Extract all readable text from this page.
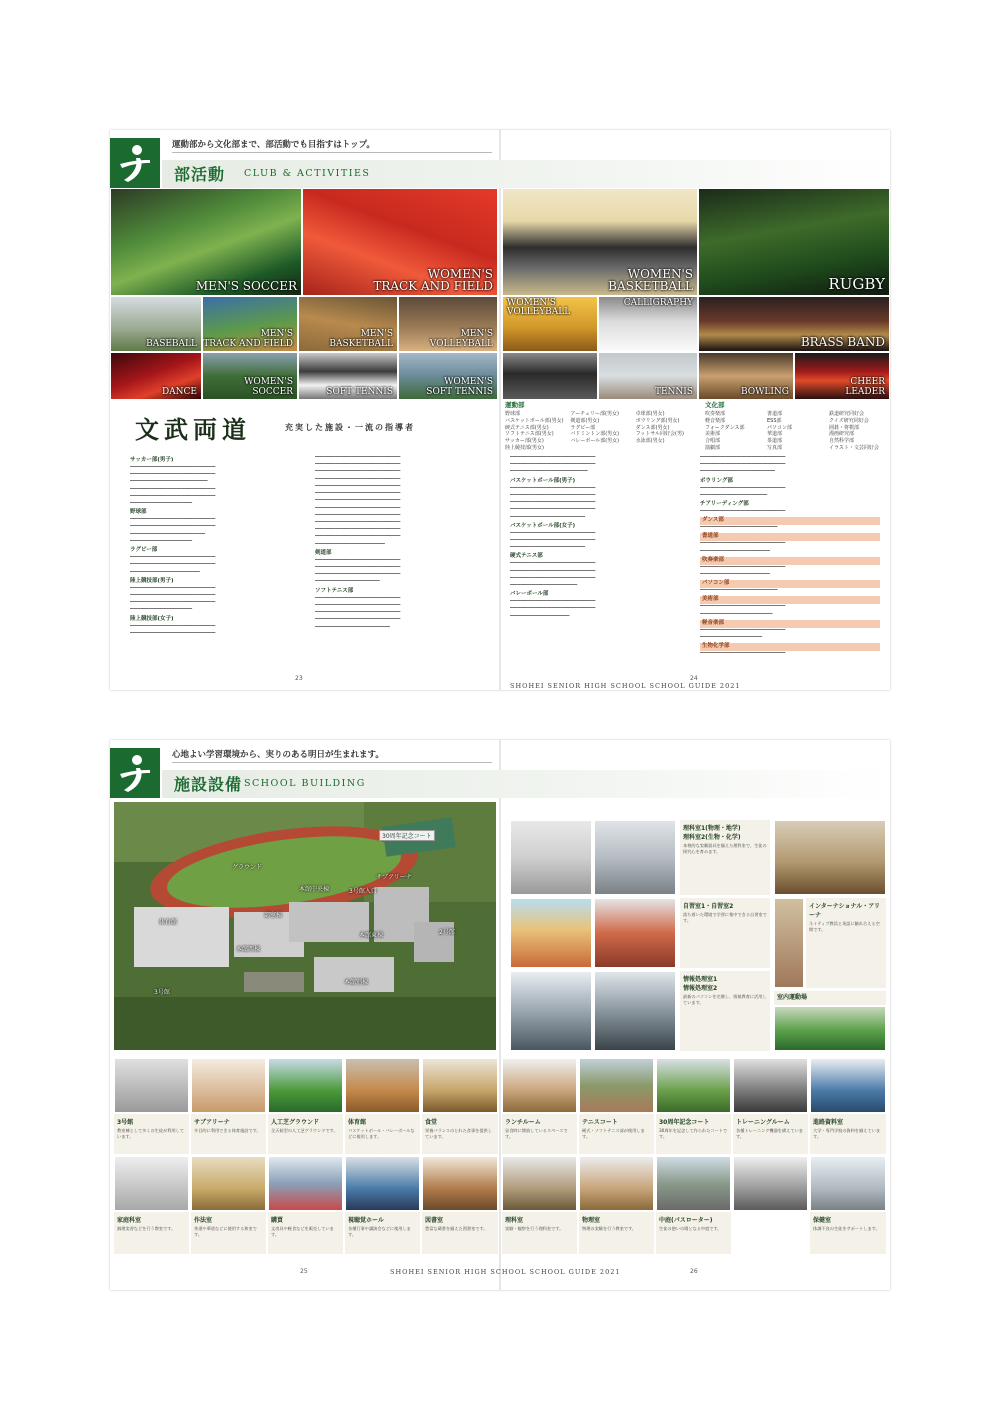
運動部から文化部まで、部活動でも目指すはトップ。
部活動 CLUB & ACTIVITIES
MEN'S SOCCER
WOMEN'S
TRACK AND FIELD
BASEBALL
MEN'S
TRACK AND FIELD
MEN'S
BASKETBALL
MEN'S
VOLLEYBALL
DANCE
WOMEN'S SOCCER	SOFT TENNIS
WOMEN'S
SOFT TENNIS
WOMEN'S
BASKETBALL
WOMEN'S
VOLLEYBALL
CALLIGRAPHY
RUGBY
BRASS BAND
TENNIS	BOWLING
CHEER
LEADER
文武両道	充実した施設・一流の指導者
運動部
野球部
バスケットボール部(男女)
硬式テニス部(男女)
ソフトテニス部(男女)
サッカー部(男女)
陸上競技部(男女)
アーチェリー部(男女)
剣道部(男女)
ラグビー部
バドミントン部(男女)
バレーボール部(男女)
卓球部(男女)
ボウリング部(男女)
ダンス部(男女)
フットサル同好会(男)
水泳部(男女)
文化部
吹奏楽部
軽音楽部
フォークダンス部
美術部
合唱部
演劇部
書道部
ESS部
パソコン部
華道部
茶道部
写真部
鉄道研究同好会
クイズ研究同好会
囲碁・将棋部
漫画研究部
自然科学部
イラスト・文芸同好会
サッカー部(男子)

━━━━━━━━━━━━━━━━━━━━━━━━━━━━━━━━━

━━━━━━━━━━━━━━━━━━━━━━━━━━━━━━━━━

━━━━━━━━━━━━━━━━━━━━━━━━━━━━━━

━━━━━━━━━━━━━━━━━━━━━━━━━━━━━━━━━

━━━━━━━━━━━━━━━━━━━━━━━━━━━━━━━━━

━━━━━━━━━━━━━━━━━━━━━━━━

野球部

━━━━━━━━━━━━━━━━━━━━━━━━━━━━━━━━━

━━━━━━━━━━━━━━━━━━━━━━━━━━━━━━━━━

━━━━━━━━━━━━━━━━━━━━━━━━━━━━━

━━━━━━━━━━━━━━━━━━━━━━━━

ラグビー部

━━━━━━━━━━━━━━━━━━━━━━━━━━━━━━━━━

━━━━━━━━━━━━━━━━━━━━━━━━━━━━━━━━━

━━━━━━━━━━━━━━━━━━━━━━━━━━━

陸上競技部(男子)

━━━━━━━━━━━━━━━━━━━━━━━━━━━━━━━━━

━━━━━━━━━━━━━━━━━━━━━━━━━━━━━━━━━

━━━━━━━━━━━━━━━━━━━━━━━━━━━━━━━━━

━━━━━━━━━━━━━━━━━━━━━━━━

陸上競技部(女子)

━━━━━━━━━━━━━━━━━━━━━━━━━━━━━━━━━

━━━━━━━━━━━━━━━━━━━━━━━━━━━━━━━━━

━━━━━━━━━━━━━━━━━━━━━━━━━━━━━━━━━

━━━━━━━━━━━━━━━━━━━━━━━━━━━━━━━━━

━━━━━━━━━━━━━━━━━━━━━━━━━━━━━━━━━

━━━━━━━━━━━━━━━━━━━━━━━━━━━━━━━━━

━━━━━━━━━━━━━━━━━━━━━━━━━━━━━━━━━

━━━━━━━━━━━━━━━━━━━━━━━━━━━━━━━━━

━━━━━━━━━━━━━━━━━━━━━━━━━━━━━━━━━

━━━━━━━━━━━━━━━━━━━━━━━━━━━━━━━━━

━━━━━━━━━━━━━━━━━━━━━━━━━━━━━━━━━

━━━━━━━━━━━━━━━━━━━━━━━━━━━━━━━━━

━━━━━━━━━━━━━━━━━━━━━━━━━━━━━━━━━

━━━━━━━━━━━━━━━━━━━━━━━━━━━━━━━━━

━━━━━━━━━━━━━━━━━━━━━━━━━━━

剣道部

━━━━━━━━━━━━━━━━━━━━━━━━━━━━━━━━━

━━━━━━━━━━━━━━━━━━━━━━━━━━━━━━━━━

━━━━━━━━━━━━━━━━━━━━━━━━━━━━━━━━━

━━━━━━━━━━━━━━━━━━━━━━━━━

ソフトテニス部

━━━━━━━━━━━━━━━━━━━━━━━━━━━━━━━━━

━━━━━━━━━━━━━━━━━━━━━━━━━━━━━━━━━

━━━━━━━━━━━━━━━━━━━━━━━━━━━━━━━━━

━━━━━━━━━━━━━━━━━━━━━━━━━━━━━━━━━

━━━━━━━━━━━━━━━━━━━━━━━━━━━━━

━━━━━━━━━━━━━━━━━━━━━━━━━━━━━━━━━

━━━━━━━━━━━━━━━━━━━━━━━━━━━━━━━━━

━━━━━━━━━━━━━━━━━━━━━━━━━━━━━━

バスケットボール部(男子)

━━━━━━━━━━━━━━━━━━━━━━━━━━━━━━━━━

━━━━━━━━━━━━━━━━━━━━━━━━━━━━━━━━━

━━━━━━━━━━━━━━━━━━━━━━━━━━━━━━━━━

━━━━━━━━━━━━━━━━━━━━━━━━━━━━━━━━━

━━━━━━━━━━━━━━━━━━━━━━━━━━━━━

バスケットボール部(女子)

━━━━━━━━━━━━━━━━━━━━━━━━━━━━━━━━━

━━━━━━━━━━━━━━━━━━━━━━━━━━━━━━━━━

━━━━━━━━━━━━━━━━━━━━━━━━━━━━━

硬式テニス部

━━━━━━━━━━━━━━━━━━━━━━━━━━━━━━━━━

━━━━━━━━━━━━━━━━━━━━━━━━━━━━━━━━━

━━━━━━━━━━━━━━━━━━━━━━━━━━━━━━━━━

━━━━━━━━━━━━━━━━━━━━━━━━━━

バレーボール部

━━━━━━━━━━━━━━━━━━━━━━━━━━━━━━━━━

━━━━━━━━━━━━━━━━━━━━━━━━━━━━━━━━━

━━━━━━━━━━━━━━━━━━━━━━━

━━━━━━━━━━━━━━━━━━━━━━━━━━━━━━━━━

━━━━━━━━━━━━━━━━━━━━━━━━━━━━━━━━━

━━━━━━━━━━━━━━━━━━━━━━━━━━━━━

ボウリング部

━━━━━━━━━━━━━━━━━━━━━━━━━━━━━━━━━

━━━━━━━━━━━━━━━━━━━━━━━━━━

チアリーディング部

━━━━━━━━━━━━━━━━━━━━━━━━━━━━━━━━━

ダンス部

━━━━━━━━━━━━━━━━━━━━━━━━━━━━━━

書道部

━━━━━━━━━━━━━━━━━━━━━━━━━━━━━━━━━

━━━━━━━━━━━━━━━━━━━━━━━━━━━

吹奏楽部

━━━━━━━━━━━━━━━━━━━━━━━━━━━━━━━━━

━━━━━━━━━━━━━━━━━━━━━━━━━━━

パソコン部

━━━━━━━━━━━━━━━━━━━━━━━━━━━━━━

美術部

━━━━━━━━━━━━━━━━━━━━━━━━━━━━━━━━━

━━━━━━━━━━━━━━━━━━━━━━━━━━━━

軽音楽部

━━━━━━━━━━━━━━━━━━━━━━━━━━━━━━━━━

━━━━━━━━━━━━━━━━━━━━━━━━

生物化学部

━━━━━━━━━━━━━━━━━━━━━━━━━━━━━━━━━

23	24
SHOHEI SENIOR HIGH SCHOOL SCHOOL GUIDE 2021
心地よい学習環境から、実りのある明日が生まれます。
施設設備 SCHOOL BUILDING
30周年記念コート
グラウンド
サブアリーナ
本館中央棟	3号館入口
部室棟
体育館
本館西棟
本館東棟	2号館
本館別棟
3号館
理科室1(物理・地学)
理科室2(生物・化学)
本格的な実験器具を揃えた理科室で、生徒の探究心を育みます。
自習室1・自習室2
落ち着いた環境で学習に集中できる自習室です。
インターナショナル・アリーナ
ネイティブ教員と英語に触れ合える空間です。
情報処理室1
情報処理室2
最新のパソコンを完備し、情報教育に活用しています。
室内運動場
3号館
教室棟として多くの生徒が利用しています。
サブアリーナ
多目的に利用できる体育施設です。
人工芝グラウンド
全天候型の人工芝グラウンドです。
体育館
バスケットボール・バレーボールなどに使用します。
食堂
栄養バランスのとれた食事を提供しています。
ランチルーム
昼食時に開放しているスペースです。
テニスコート
硬式・ソフトテニス部が使用します。
30周年記念コート
30周年を記念して作られたコートです。
トレーニングルーム
各種トレーニング機器を備えています。
進路資料室
大学・専門学校の資料を揃えています。
家庭科室
調理実習などを行う教室です。
作法室
茶道や華道などに使用する和室です。
購買
文房具や軽食などを販売しています。
視聴覚ホール
各種行事や講演会などに使用します。
図書室
豊富な蔵書を揃えた図書室です。
理科室
実験・観察を行う理科室です。
物理室
物理の実験を行う教室です。
中庭(パスローター)
生徒の憩いの場となる中庭です。
保健室
体調不良の生徒をサポートします。
25	26
SHOHEI SENIOR HIGH SCHOOL SCHOOL GUIDE 2021
